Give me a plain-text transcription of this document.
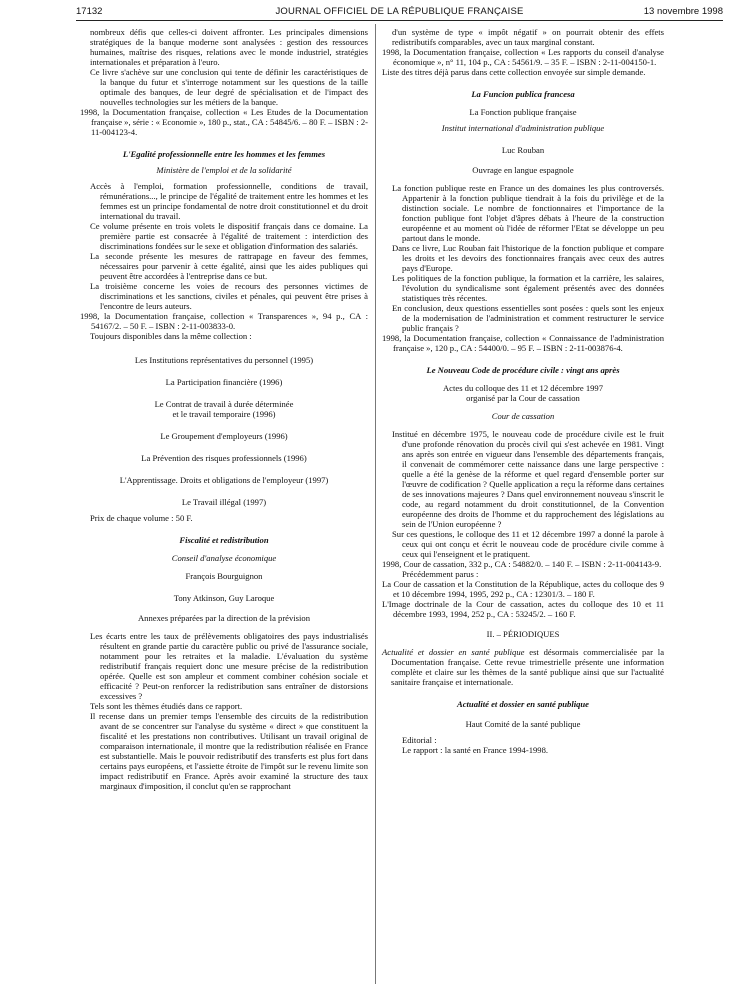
17132	JOURNAL OFFICIEL DE LA RÉPUBLIQUE FRANÇAISE	13 novembre 1998

nombreux défis que celles-ci doivent affronter. Les principales dimensions stratégiques de la banque moderne sont analysées : gestion des ressources humaines, maîtrise des risques, relations avec le monde industriel, stratégies internationales et préparation à l'euro.

Ce livre s'achève sur une conclusion qui tente de définir les caractéristiques de la banque du futur et s'interroge notamment sur les questions de la taille optimale des banques, de leur degré de spécialisation et de l'impact des nouvelles technologies sur les métiers de la banque.

1998, la Documentation française, collection « Les Etudes de la Documentation française », série : « Economie », 180 p., stat., CA : 54845/6. – 80 F. – ISBN : 2-11-004123-4.

L'Egalité professionnelle entre les hommes et les femmes

Ministère de l'emploi et de la solidarité

Accès à l'emploi, formation professionnelle, conditions de travail, rémunérations..., le principe de l'égalité de traitement entre les hommes et les femmes est un principe fondamental de notre droit constitutionnel et du droit international du travail.

Ce volume présente en trois volets le dispositif français dans ce domaine. La première partie est consacrée à l'égalité de traitement : interdiction des discriminations fondées sur le sexe et obligation d'information des salariés.

La seconde présente les mesures de rattrapage en faveur des femmes, nécessaires pour parvenir à cette égalité, ainsi que les aides publiques qui peuvent être accordées à l'entreprise dans ce but.

La troisième concerne les voies de recours des personnes victimes de discriminations et les sanctions, civiles et pénales, qui peuvent être prises à l'encontre de leurs auteurs.

1998, la Documentation française, collection « Transparences », 94 p., CA : 54167/2. – 50 F. – ISBN : 2-11-003833-0.

Toujours disponibles dans la même collection :

Les Institutions représentatives du personnel (1995)

La Participation financière (1996)

Le Contrat de travail à durée déterminée

et le travail temporaire (1996)

Le Groupement d'employeurs (1996)

La Prévention des risques professionnels (1996)

L'Apprentissage. Droits et obligations de l'employeur (1997)

Le Travail illégal (1997)

Prix de chaque volume : 50 F.

Fiscalité et redistribution

Conseil d'analyse économique

François Bourguignon

Tony Atkinson, Guy Laroque

Annexes préparées par la direction de la prévision

Les écarts entre les taux de prélèvements obligatoires des pays industrialisés résultent en grande partie du caractère public ou privé de l'assurance sociale, notamment pour les retraites et la maladie. L'évaluation du système redistributif français requiert donc une mesure précise de la redistribution opérée. Quelle est son ampleur et comment combiner cohésion sociale et efficacité ? Peut-on renforcer la redistribution sans entraîner de distorsions excessives ?

Tels sont les thèmes étudiés dans ce rapport.

Il recense dans un premier temps l'ensemble des circuits de la redistribution avant de se concentrer sur l'analyse du système « direct » que constituent la fiscalité et les prestations non contributives. Utilisant un travail original de comparaison internationale, il montre que la redistribution réalisée en France est substantielle. Mais le pouvoir redistributif des transferts est plus fort dans certains pays européens, et l'assiette étroite de l'impôt sur le revenu limite son impact redistributif en France. Après avoir examiné la structure des taux marginaux d'imposition, il conclut qu'en se rapprochant

d'un système de type « impôt négatif » on pourrait obtenir des effets redistributifs comparables, avec un taux marginal constant.

1998, la Documentation française, collection « Les rapports du conseil d'analyse économique », n° 11, 104 p., CA : 54561/9. – 35 F. – ISBN : 2-11-004150-1.

Liste des titres déjà parus dans cette collection envoyée sur simple demande.

La Funcion publica francesa

La Fonction publique française

Institut international d'administration publique

Luc Rouban

Ouvrage en langue espagnole

La fonction publique reste en France un des domaines les plus controversés. Appartenir à la fonction publique tiendrait à la fois du privilège et de la distinction sociale. Le nombre de fonctionnaires et l'importance de la fonction publique font l'objet d'âpres débats à l'heure de la construction européenne et au moment où l'idée de réformer l'Etat se développe un peu partout dans le monde.

Dans ce livre, Luc Rouban fait l'historique de la fonction publique et compare les droits et les devoirs des fonctionnaires français avec ceux des autres pays d'Europe.

Les politiques de la fonction publique, la formation et la carrière, les salaires, l'évolution du syndicalisme sont également présentés avec des données statistiques très récentes.

En conclusion, deux questions essentielles sont posées : quels sont les enjeux de la modernisation de l'administration et comment restructurer le service public français ?

1998, la Documentation française, collection « Connaissance de l'administration française », 120 p., CA : 54400/0. – 95 F. – ISBN : 2-11-003876-4.

Le Nouveau Code de procédure civile : vingt ans après

Actes du colloque des 11 et 12 décembre 1997

organisé par la Cour de cassation

Cour de cassation

Institué en décembre 1975, le nouveau code de procédure civile est le fruit d'une profonde rénovation du procès civil qui s'est achevée en 1981. Vingt ans après son entrée en vigueur dans l'ensemble des départements français, il convenait de commémorer cette naissance dans une large perspective : quelle a été la genèse de la réforme et quel regard d'ensemble porter sur l'œuvre de codification ? Quelle application a reçu la réforme dans certaines de ses innovations majeures ? Dans quel environnement nouveau s'inscrit le code, au regard notamment du droit constitutionnel, de la Convention européenne des droits de l'homme et du rapprochement des législations au sein de l'Union européenne ?

Sur ces questions, le colloque des 11 et 12 décembre 1997 a donné la parole à ceux qui ont conçu et écrit le nouveau code de procédure civile comme à ceux qui l'enseignent et le pratiquent.

1998, Cour de cassation, 332 p., CA : 54882/0. – 140 F. – ISBN : 2-11-004143-9.

Précédemment parus :

La Cour de cassation et la Constitution de la République, actes du colloque des 9 et 10 décembre 1994, 1995, 292 p., CA : 12301/3. – 180 F.

L'Image doctrinale de la Cour de cassation, actes du colloque des 10 et 11 décembre 1993, 1994, 252 p., CA : 53245/2. – 160 F.

II. – PÉRIODIQUES

Actualité et dossier en santé publique est désormais commercialisée par la Documentation française. Cette revue trimestrielle présente une information complète et claire sur les thèmes de la santé publique ainsi que sur l'actualité sanitaire française et internationale.

Actualité et dossier en santé publique

Haut Comité de la santé publique

Editorial :

Le rapport : la santé en France 1994-1998.
